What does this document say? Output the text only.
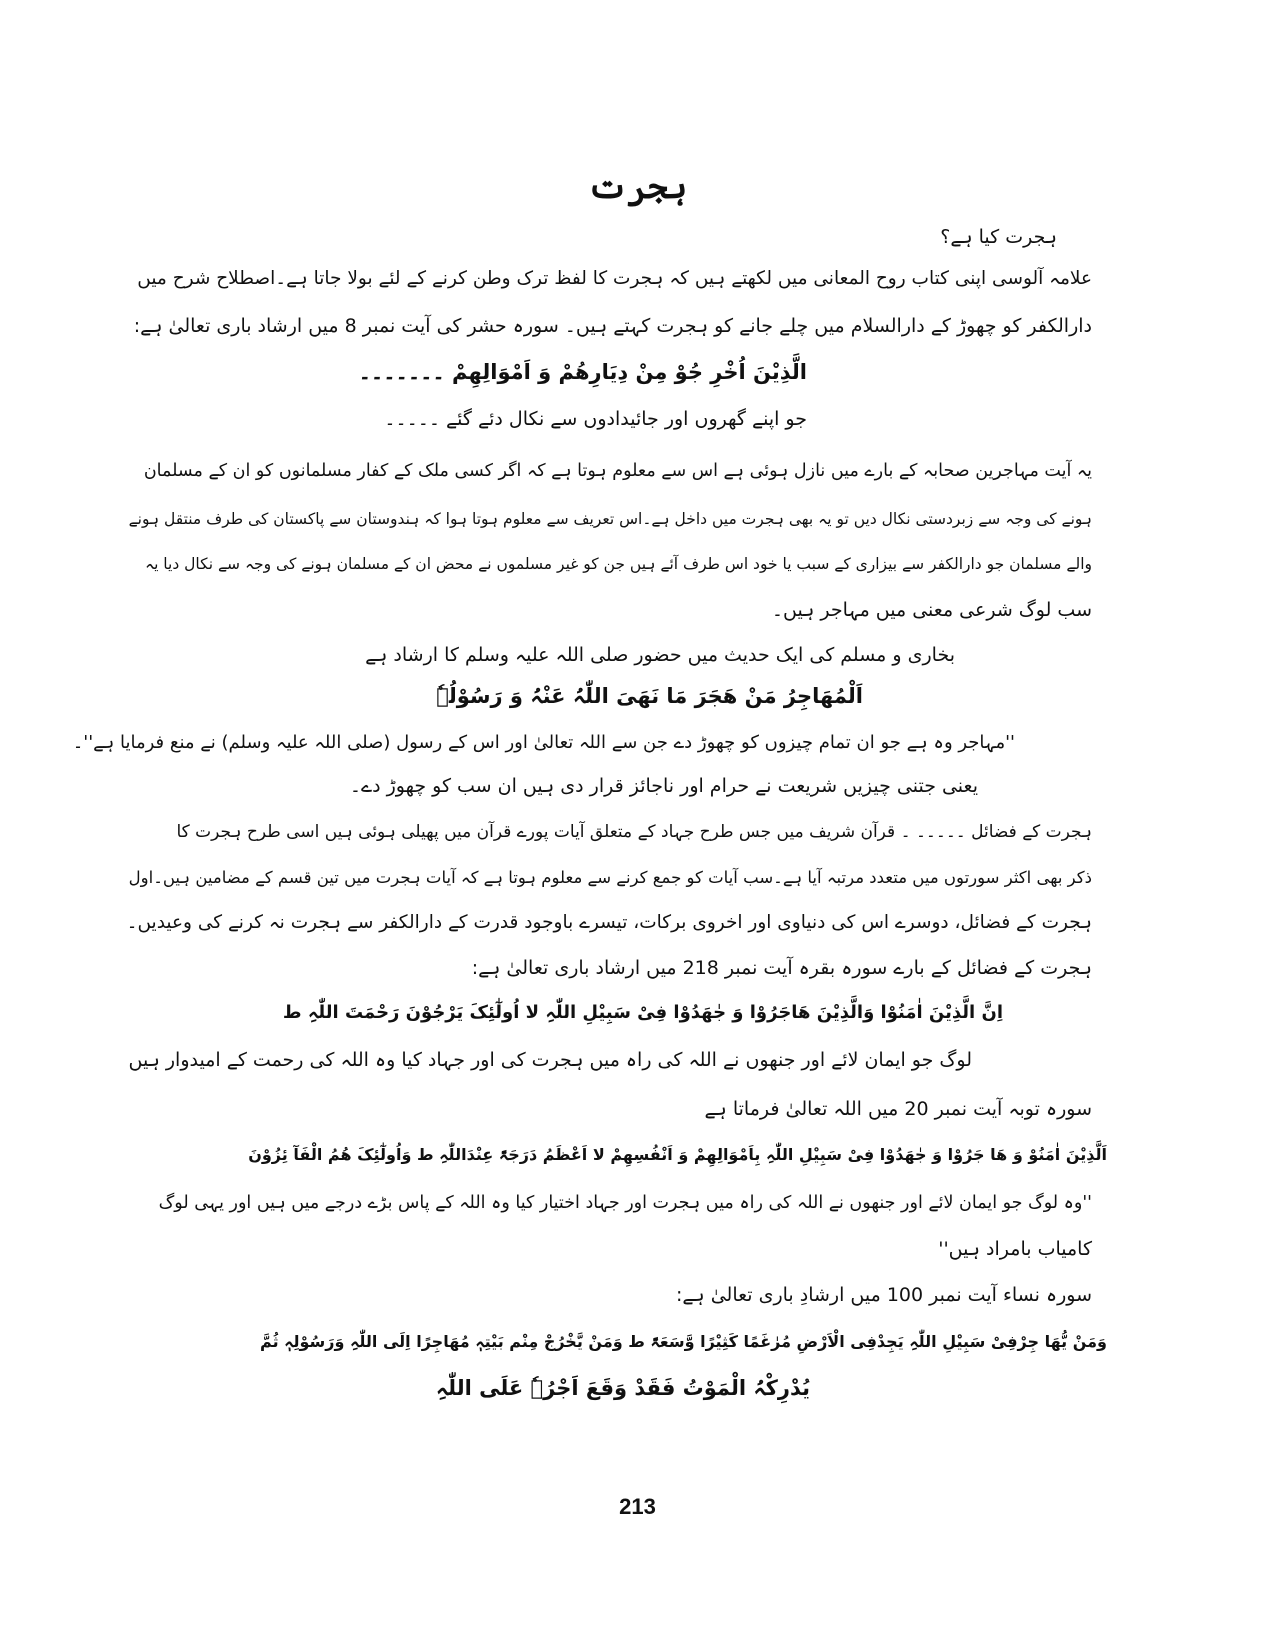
ہجرت
ہجرت کیا ہے؟
علامہ آلوسی اپنی کتاب روح المعانی میں لکھتے ہیں کہ ہجرت کا لفظ ترک وطن کرنے کے لئے بولا جاتا ہے۔اصطلاح شرح میں
دارالکفر کو چھوڑ کے دارالسلام میں چلے جانے کو ہجرت کہتے ہیں۔ سورہ حشر کی آیت نمبر 8 میں ارشاد باری تعالیٰ ہے:
الَّذِیْنَ اُخْرِ جُوْ مِنْ دِیَارِھُمْ وَ اَمْوَالِھِمْ ۔۔۔۔۔۔۔
جو اپنے گھروں اور جائیدادوں سے نکال دئے گئے ۔۔۔۔۔
یہ آیت مہاجرین صحابہ کے بارے میں نازل ہوئی ہے اس سے معلوم ہوتا ہے کہ اگر کسی ملک کے کفار مسلمانوں کو ان کے مسلمان
ہونے کی وجہ سے زبردستی نکال دیں تو یہ بھی ہجرت میں داخل ہے۔اس تعریف سے معلوم ہوتا ہوا کہ ہندوستان سے پاکستان کی طرف منتقل ہونے
والے مسلمان جو دارالکفر سے بیزاری کے سبب یا خود اس طرف آئے ہیں جن کو غیر مسلموں نے محض ان کے مسلمان ہونے کی وجہ سے نکال دیا یہ
سب لوگ شرعی معنی میں مہاجر ہیں۔
بخاری و مسلم کی ایک حدیث میں حضور صلی اللہ علیہ وسلم کا ارشاد ہے
اَلْمُھَاجِرُ مَنْ ھَجَرَ مَا نَھَیَ اللّٰہُ عَنْہُ وَ رَسُوْلُہٗ
''مہاجر وہ ہے جو ان تمام چیزوں کو چھوڑ دے جن سے اللہ تعالیٰ اور اس کے رسول (صلی اللہ علیہ وسلم) نے منع فرمایا ہے''۔
یعنی جتنی چیزیں شریعت نے حرام اور ناجائز قرار دی ہیں ان سب کو چھوڑ دے۔
ہجرت کے فضائل ۔۔۔۔۔ ۔ قرآن شریف میں جس طرح جہاد کے متعلق آیات پورے قرآن میں پھیلی ہوئی ہیں اسی طرح ہجرت کا
ذکر بھی اکثر سورتوں میں متعدد مرتبہ آیا ہے۔سب آیات کو جمع کرنے سے معلوم ہوتا ہے کہ آیات ہجرت میں تین قسم کے مضامین ہیں۔اول
ہجرت کے فضائل، دوسرے اس کی دنیاوی اور اخروی برکات، تیسرے باوجود قدرت کے دارالکفر سے ہجرت نہ کرنے کی وعیدیں۔
ہجرت کے فضائل کے بارے سورہ بقرہ آیت نمبر 218 میں ارشاد باری تعالیٰ ہے:
اِنَّ الَّذِیْنَ اٰمَنُوْا وَالَّذِیْنَ ھَاجَرُوْا وَ جٰھَدُوْا فِیْ سَبِیْلِ اللّٰہِ لا اُولٰٓئِکَ یَرْجُوْنَ رَحْمَتَ اللّٰہِ ط
لوگ جو ایمان لائے اور جنھوں نے اللہ کی راہ میں ہجرت کی اور جہاد کیا وہ اللہ کی رحمت کے امیدوار ہیں
سورہ توبہ آیت نمبر 20 میں اللہ تعالیٰ فرماتا ہے
اَلَّذِیْنَ اٰمَنُوْ وَ ھَا جَرُوْا وَ جٰھَدُوْا فِیْ سَبِیْلِ اللّٰہِ بِاَمْوَالِھِمْ وَ اَنْفُسِھِمْ لا اَعْظَمُ دَرَجَۃً عِنْدَاللّٰہِ ط وَاُولٰٓئِکَ ھُمُ الْفَآ ئِزُوْنَ
''وہ لوگ جو ایمان لائے اور جنھوں نے اللہ کی راہ میں ہجرت اور جہاد اختیار کیا وہ اللہ کے پاس بڑے درجے میں ہیں اور یہی لوگ
کامیاب بامراد ہیں''
سورہ نساء آیت نمبر 100 میں ارشادِ باری تعالیٰ ہے:
وَمَنْ یُّھَا جِرْفِیْ سَبِیْلِ اللّٰہِ یَجِدْفِی الْاَرْضِ مُرٰغَمًا کَثِیْرًا وَّسَعَۃً ط وَمَنْ یَّخْرُجْ مِنْم بَیْتِہٖ مُھَاجِرًا اِلَی اللّٰہِ وَرَسُوْلِہٖ ثُمَّ
یُدْرِکْہُ الْمَوْتُ فَقَدْ وَقَعَ اَجْرُہٗ عَلَی اللّٰہِ
213
